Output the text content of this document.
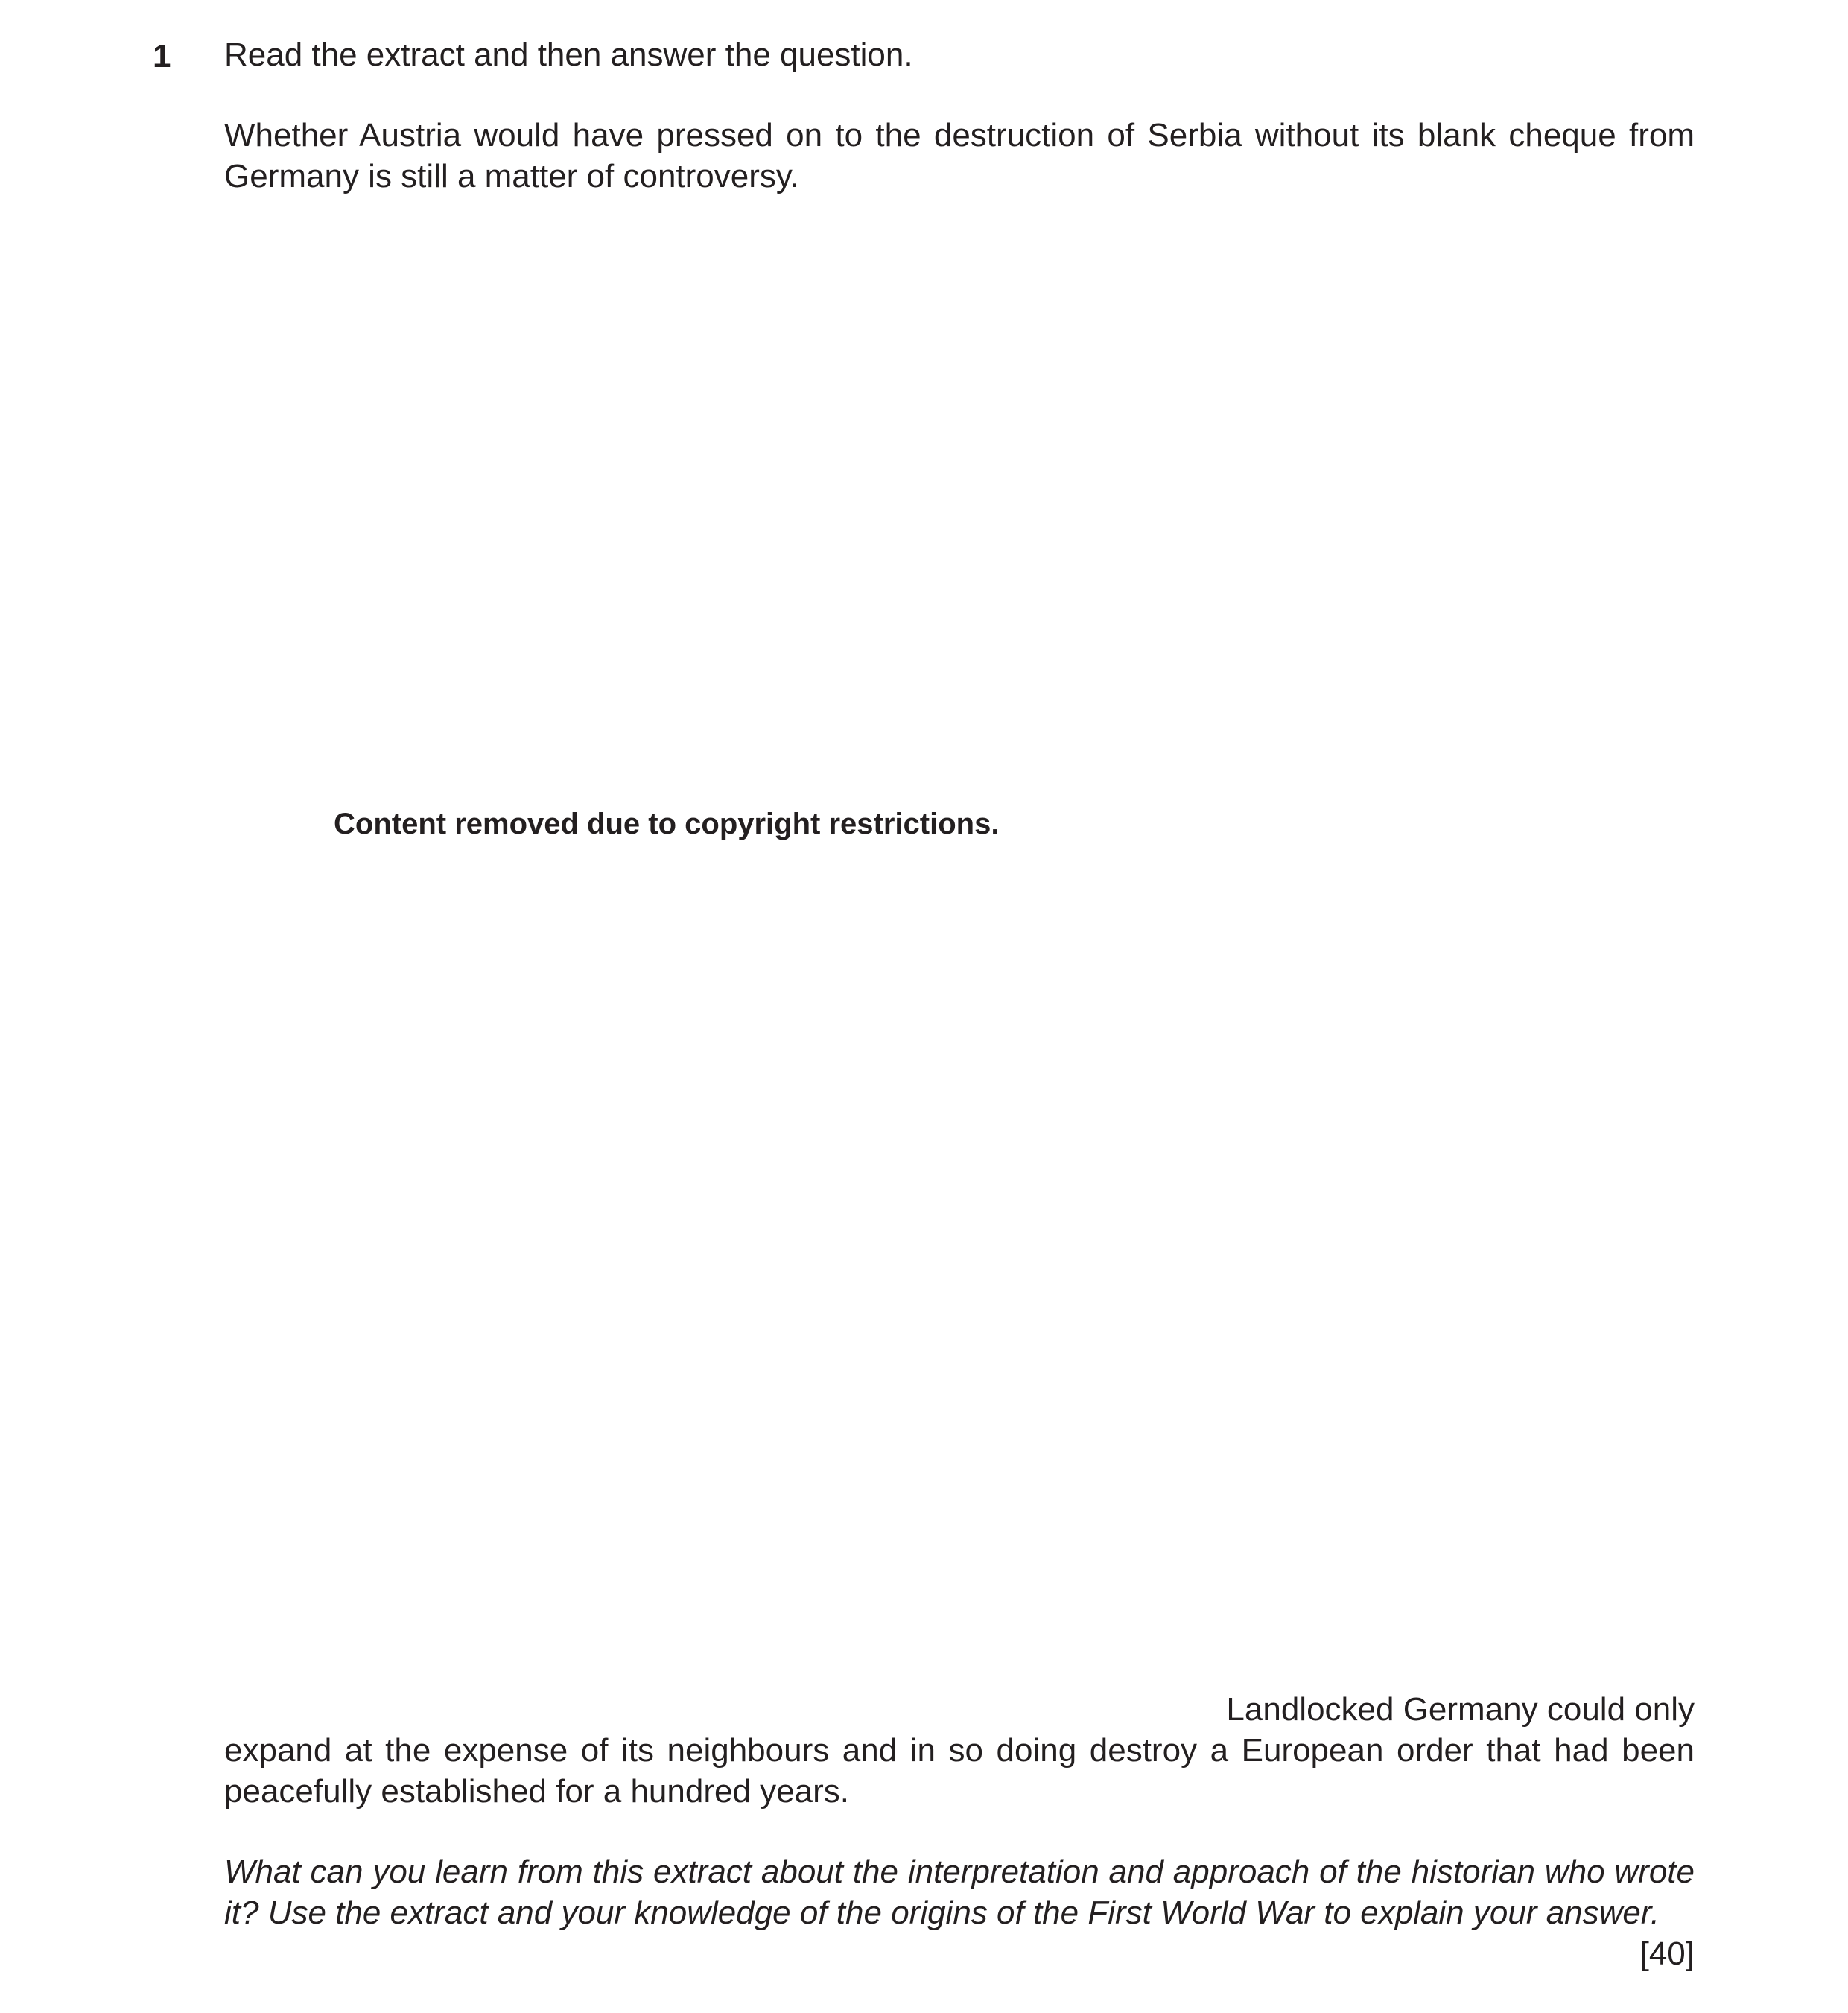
1 Read the extract and then answer the question.
Whether Austria would have pressed on to the destruction of Serbia without its blank cheque from Germany is still a matter of controversy.
Content removed due to copyright restrictions.
Landlocked Germany could only
expand at the expense of its neighbours and in so doing destroy a European order that had been
peacefully established for a hundred years.
What can you learn from this extract about the interpretation and approach of the historian who wrote it? Use the extract and your knowledge of the origins of the First World War to explain your answer.
[40]
